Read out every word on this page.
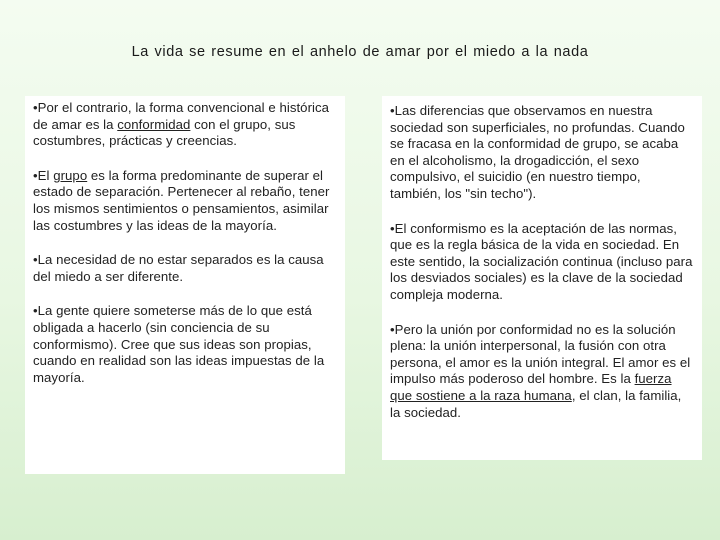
La vida se resume en el anhelo de amar por el miedo a la nada

•Por el contrario, la forma convencional e histórica de amar es la conformidad con el grupo, sus costumbres, prácticas y creencias.

•El grupo es la forma predominante de superar el estado de separación. Pertenecer al rebaño, tener los mismos sentimientos o pensamientos, asimilar las costumbres y las ideas de la mayoría.

•La necesidad de no estar separados es la causa del miedo a ser diferente.

•La gente quiere someterse más de lo que está obligada a hacerlo (sin conciencia de su conformismo). Cree que sus ideas son propias, cuando en realidad son las ideas impuestas de la mayoría.

•Las diferencias que observamos en nuestra sociedad son superficiales, no profundas. Cuando se fracasa en la conformidad de grupo, se acaba en el alcoholismo, la drogadicción, el sexo compulsivo, el suicidio (en nuestro tiempo, también, los "sin techo").

•El conformismo es la aceptación de las normas, que es la regla básica de la vida en sociedad. En este sentido, la socialización continua (incluso para los desviados sociales) es la clave de la sociedad compleja moderna.

•Pero la unión por conformidad no es la solución plena: la unión interpersonal, la fusión con otra persona, el amor es la unión integral. El amor es el impulso más poderoso del hombre. Es la fuerza que sostiene a la raza humana, el clan, la familia, la sociedad.
